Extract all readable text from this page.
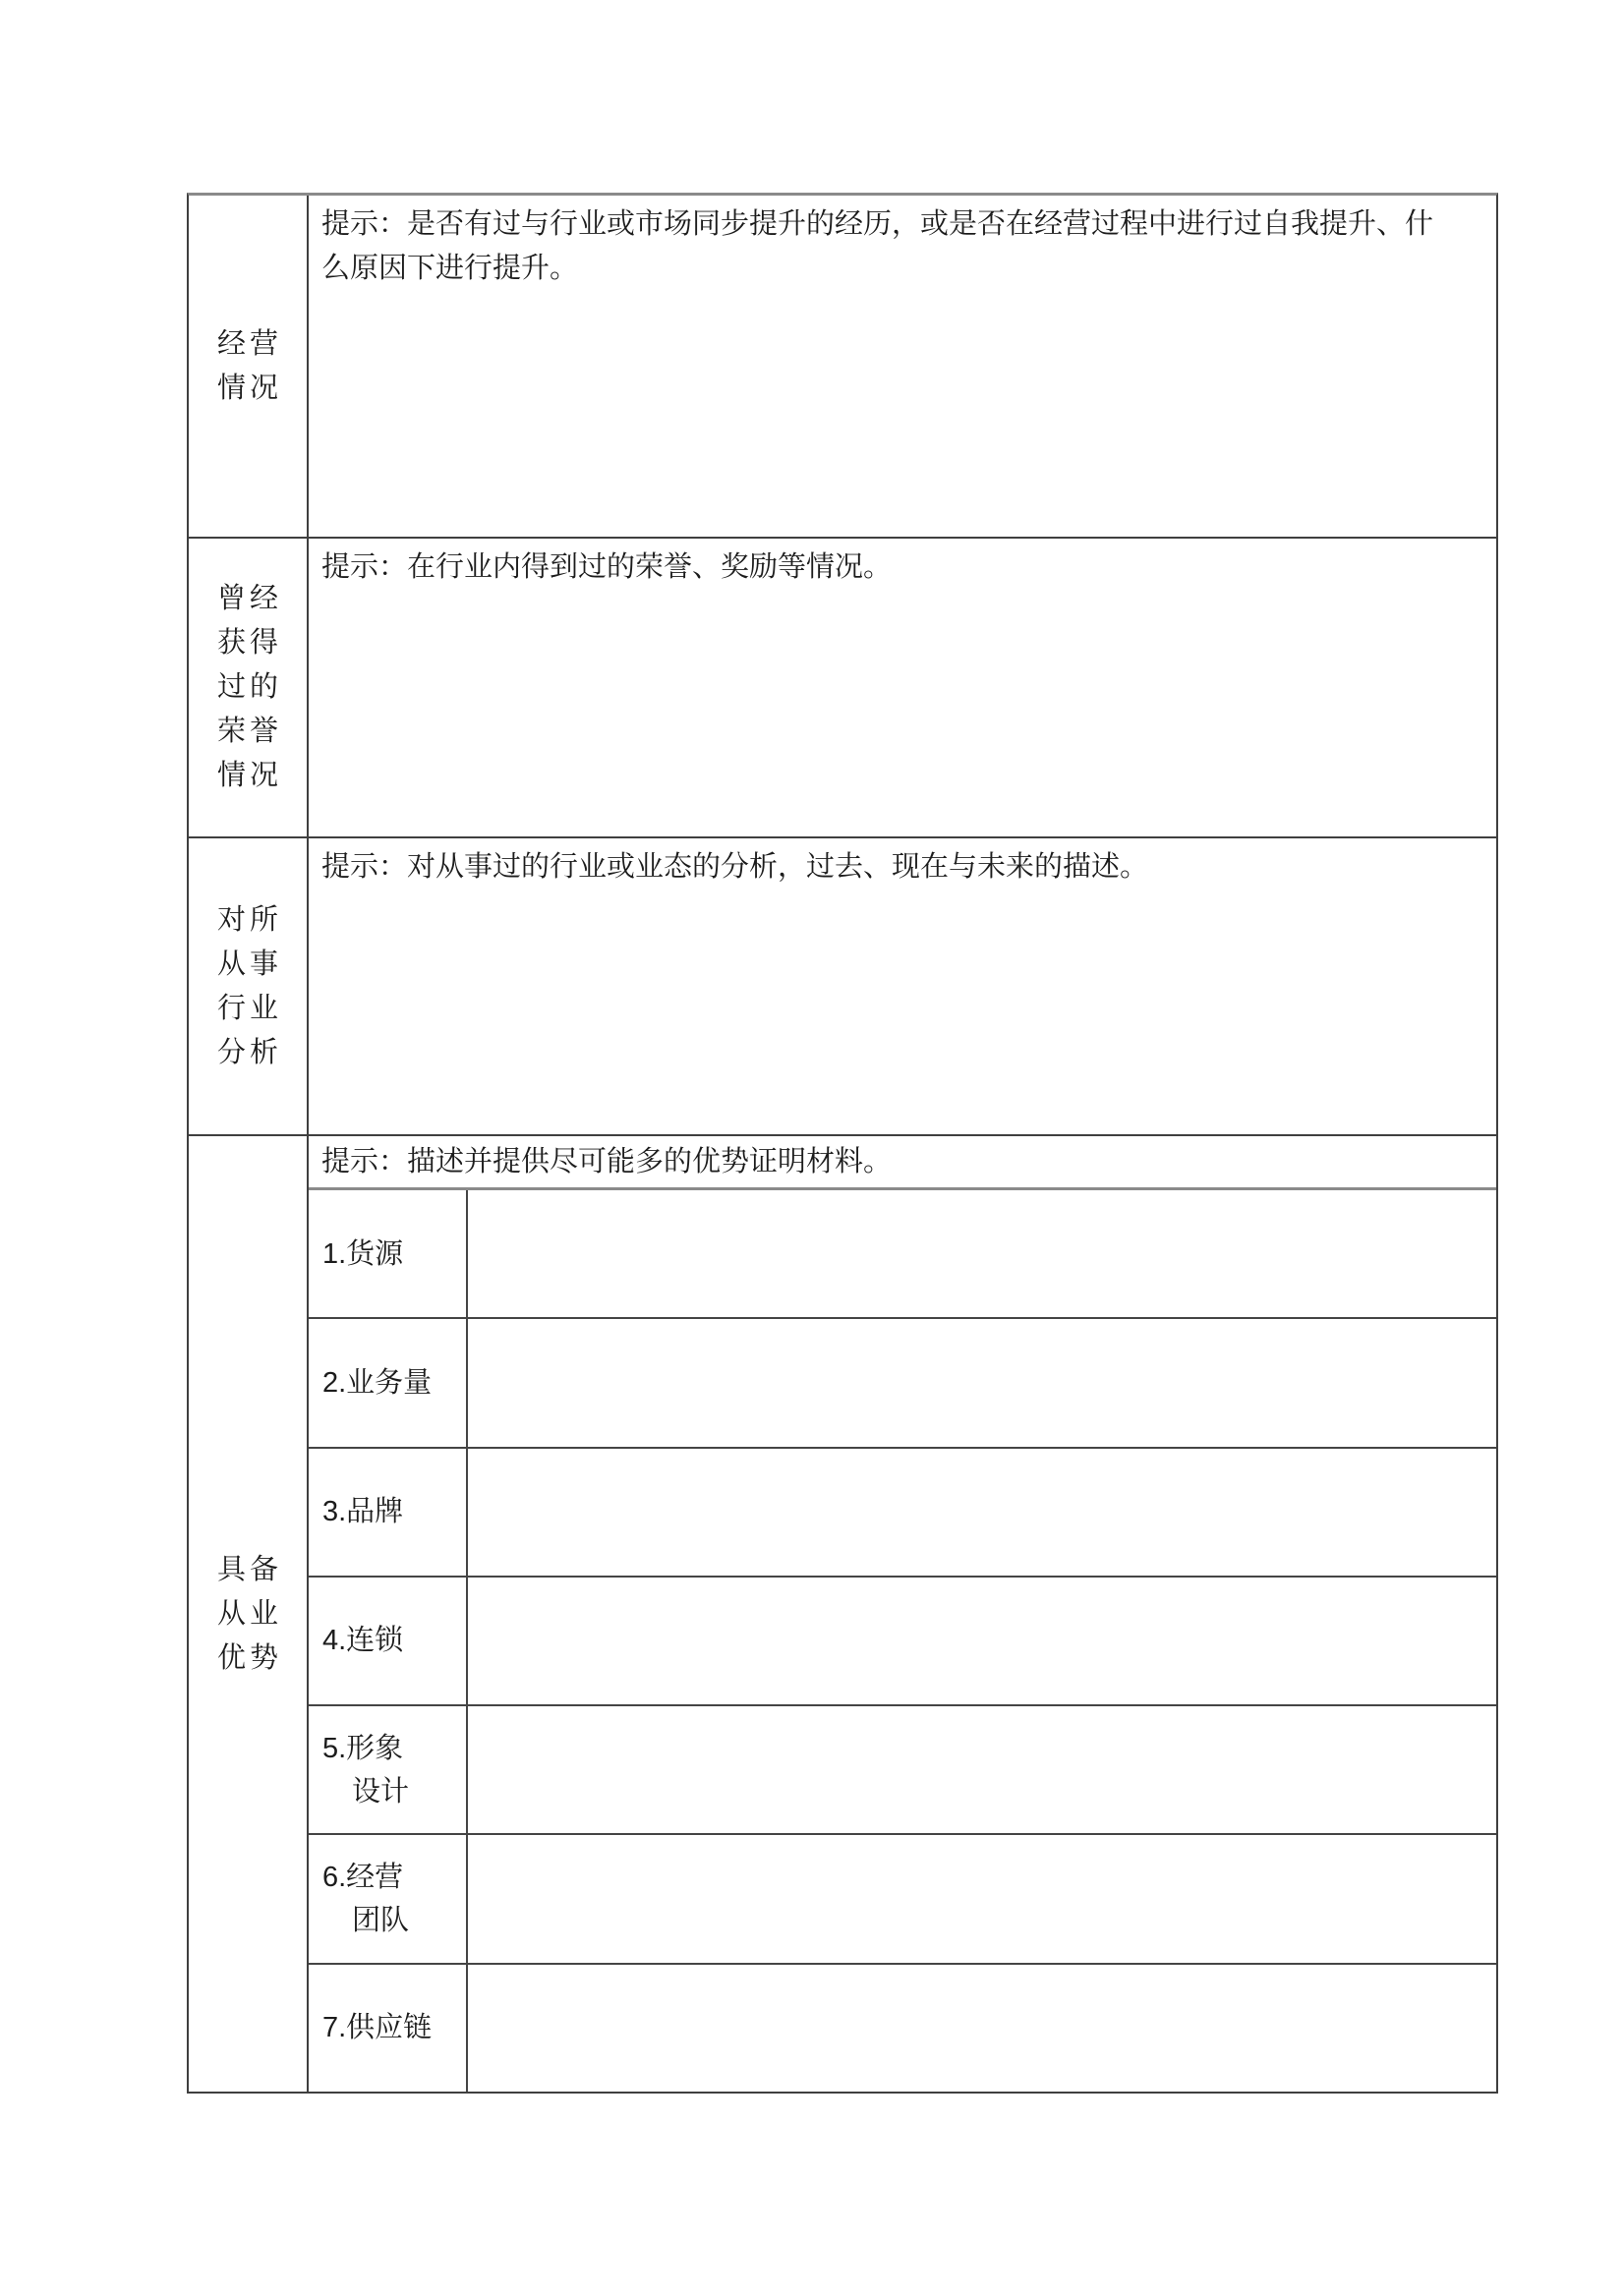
经营
情况
提示：是否有过与行业或市场同步提升的经历，或是否在经营过程中进行过自我提升、什
么原因下进行提升。
曾经
获得
过的
荣誉
情况
提示：在行业内得到过的荣誉、奖励等情况。
对所
从事
行业
分析
提示：对从事过的行业或业态的分析，过去、现在与未来的描述。
具备
从业
优势
提示：描述并提供尽可能多的优势证明材料。
1.货源
2.业务量
3.品牌
4.连锁
5.形象
设计
6.经营
团队
7.供应链
